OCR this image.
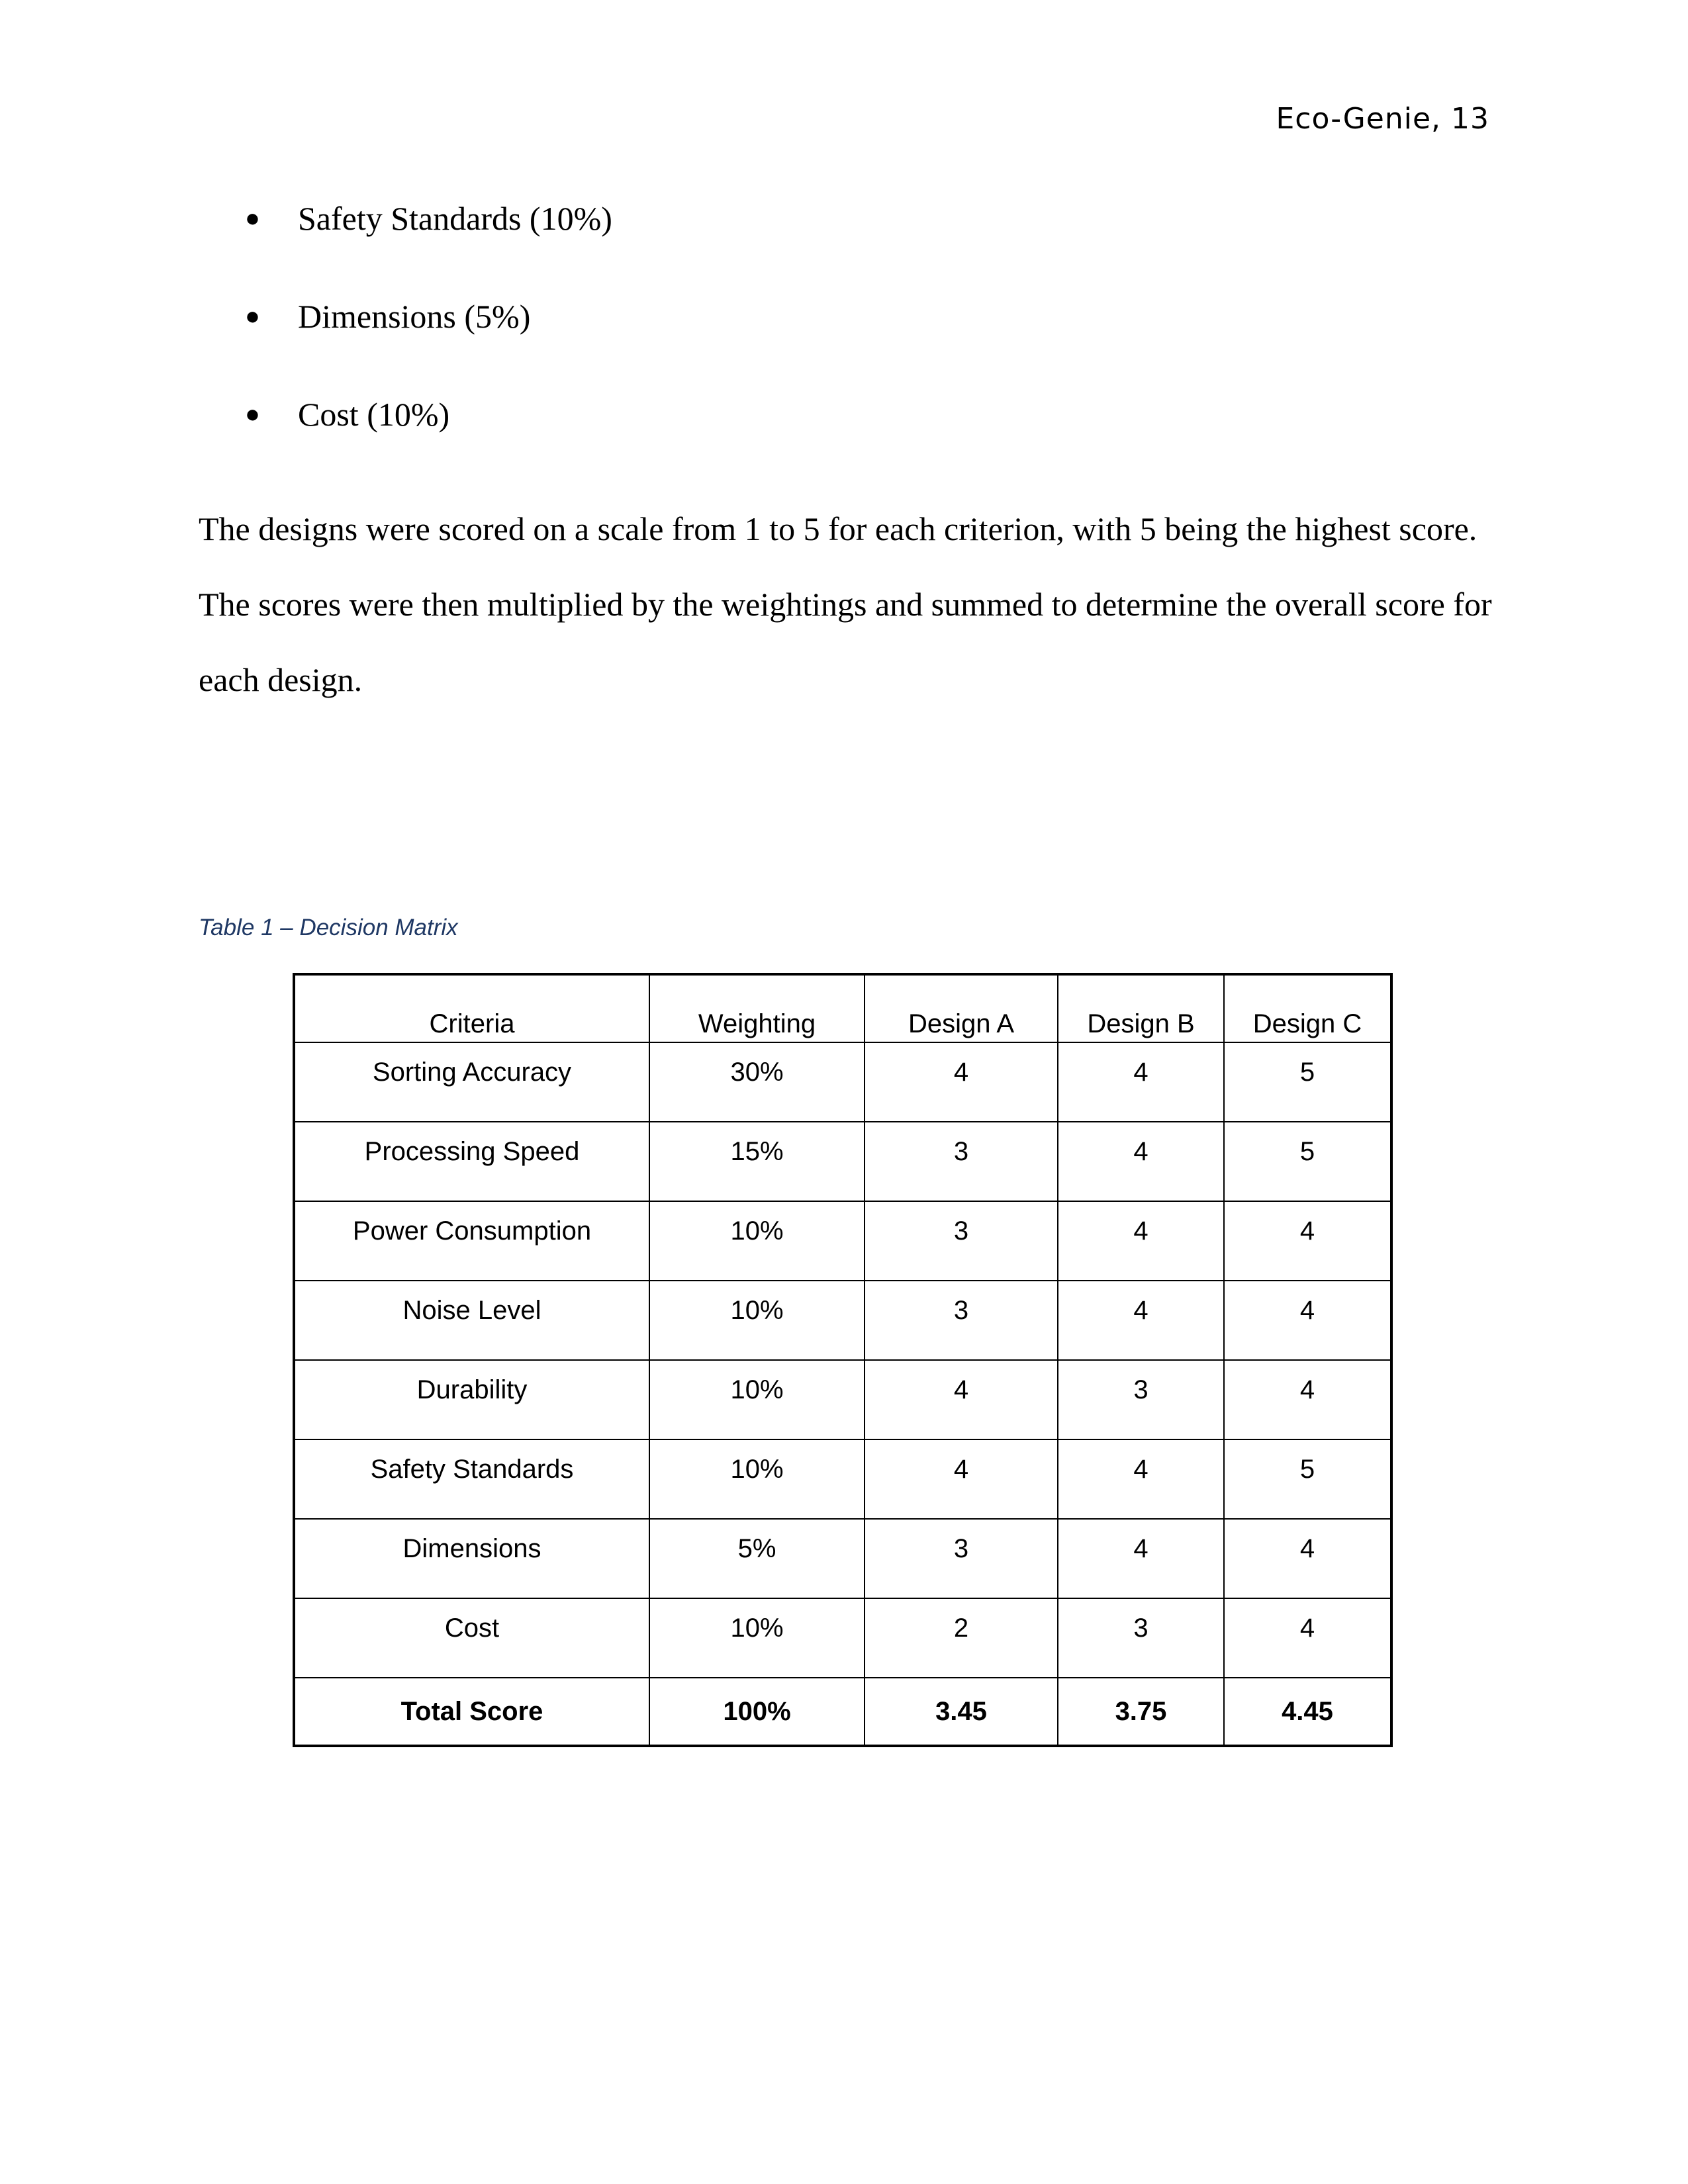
Eco-Genie, 13
● Safety Standards (10%)
● Dimensions (5%)
● Cost (10%)

The designs were scored on a scale from 1 to 5 for each criterion, with 5 being the highest score. The scores were then multiplied by the weightings and summed to determine the overall score for each design.

Table 1 – Decision Matrix
Criteria	Weighting	Design A	Design B	Design C
Sorting Accuracy	30%	4	4	5
Processing Speed	15%	3	4	5
Power Consumption	10%	3	4	4
Noise Level	10%	3	4	4
Durability	10%	4	3	4
Safety Standards	10%	4	4	5
Dimensions	5%	3	4	4
Cost	10%	2	3	4
Total Score	100%	3.45	3.75	4.45
